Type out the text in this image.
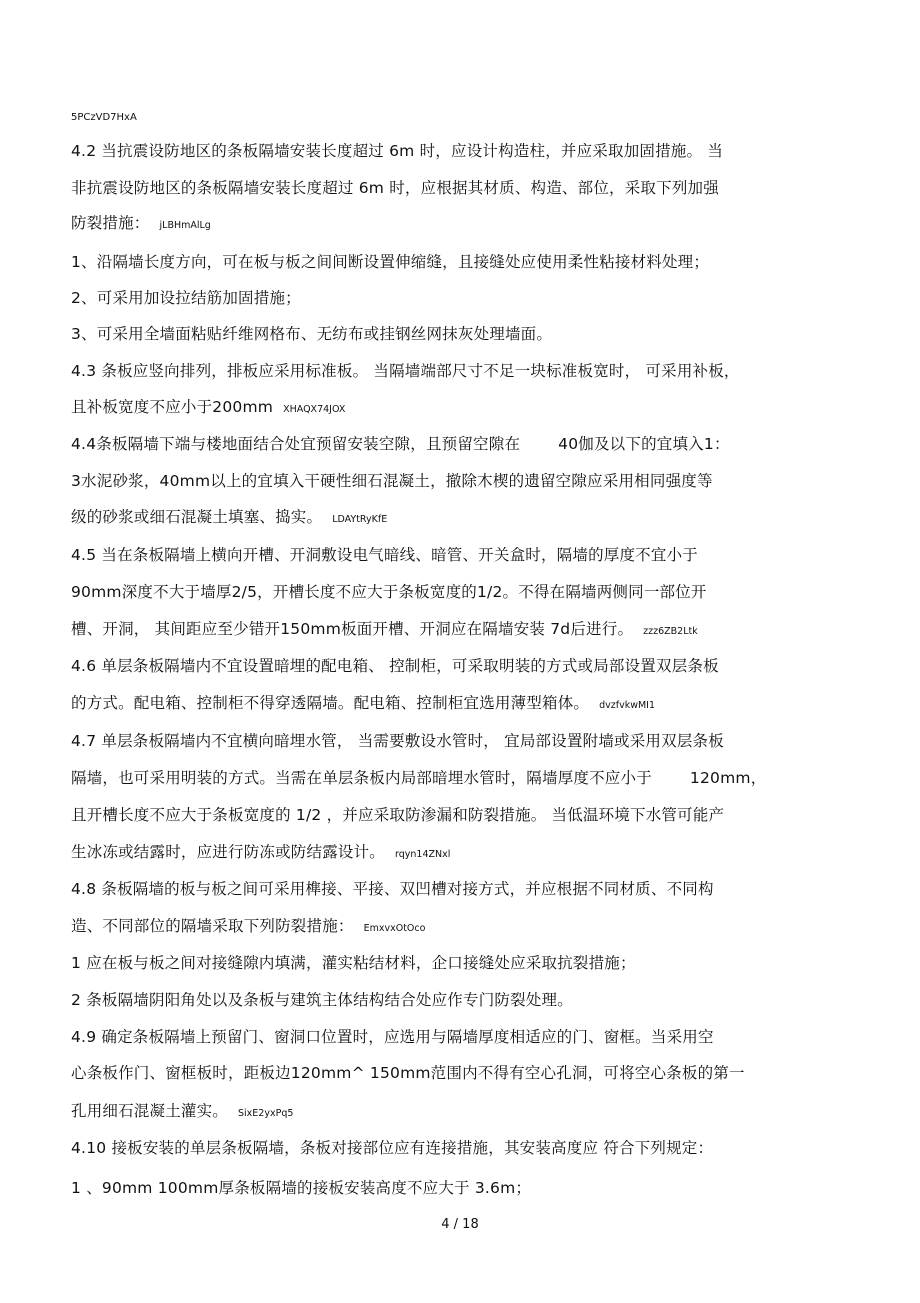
5PCzVD7HxA
4.2 当抗震设防地区的条板隔墙安装长度超过 6m 时，应设计构造柱，并应采取加固措施。 当
非抗震设防地区的条板隔墙安装长度超过 6m 时，应根据其材质、构造、部位，采取下列加强
防裂措施： jLBHmAlLg
1、沿隔墙长度方向，可在板与板之间间断设置伸缩缝，且接缝处应使用柔性粘接材料处理；
2、可采用加设拉结筋加固措施；
3、可采用全墙面粘贴纤维网格布、无纺布或挂钢丝网抹灰处理墙面。
4.3 条板应竖向排列，排板应采用标准板。 当隔墙端部尺寸不足一块标准板宽时， 可采用补板，
且补板宽度不应小于200mm XHAQX74JOX
4.4条板隔墙下端与楼地面结合处宜预留安装空隙，且预留空隙在 40伽及以下的宜填入1：
3水泥砂浆，40mm以上的宜填入干硬性细石混凝土，撤除木楔的遗留空隙应采用相同强度等
级的砂浆或细石混凝土填塞、捣实。 LDAYtRyKfE
4.5 当在条板隔墙上横向开槽、开洞敷设电气暗线、暗管、开关盒时，隔墙的厚度不宜小于
90mm深度不大于墙厚2/5，开槽长度不应大于条板宽度的1/2。不得在隔墙两侧同一部位开
槽、开洞， 其间距应至少错开150mm板面开槽、开洞应在隔墙安装 7d后进行。 zzz6ZB2Ltk
4.6 单层条板隔墙内不宜设置暗埋的配电箱、 控制柜，可采取明装的方式或局部设置双层条板
的方式。配电箱、控制柜不得穿透隔墙。配电箱、控制柜宜选用薄型箱体。 dvzfvkwMI1
4.7 单层条板隔墙内不宜横向暗埋水管， 当需要敷设水管时， 宜局部设置附墙或采用双层条板
隔墙，也可采用明装的方式。当需在单层条板内局部暗埋水管时，隔墙厚度不应小于 120mm，
且开槽长度不应大于条板宽度的 1/2 ，并应采取防渗漏和防裂措施。 当低温环境下水管可能产
生冰冻或结露时，应进行防冻或防结露设计。 rqyn14ZNxl
4.8 条板隔墙的板与板之间可采用榫接、平接、双凹槽对接方式，并应根据不同材质、不同构
造、不同部位的隔墙采取下列防裂措施： EmxvxOtOco
1 应在板与板之间对接缝隙内填满，灌实粘结材料，企口接缝处应采取抗裂措施；
2 条板隔墙阴阳角处以及条板与建筑主体结构结合处应作专门防裂处理。
4.9 确定条板隔墙上预留门、窗洞口位置时，应选用与隔墙厚度相适应的门、窗框。当采用空
心条板作门、窗框板时，距板边120mm^ 150mm范围内不得有空心孔洞，可将空心条板的第一
孔用细石混凝土灌实。 SixE2yxPq5
4.10 接板安装的单层条板隔墙，条板对接部位应有连接措施，其安装高度应 符合下列规定：
1 、90mm 100mm厚条板隔墙的接板安装高度不应大于 3.6m；
4 / 18
